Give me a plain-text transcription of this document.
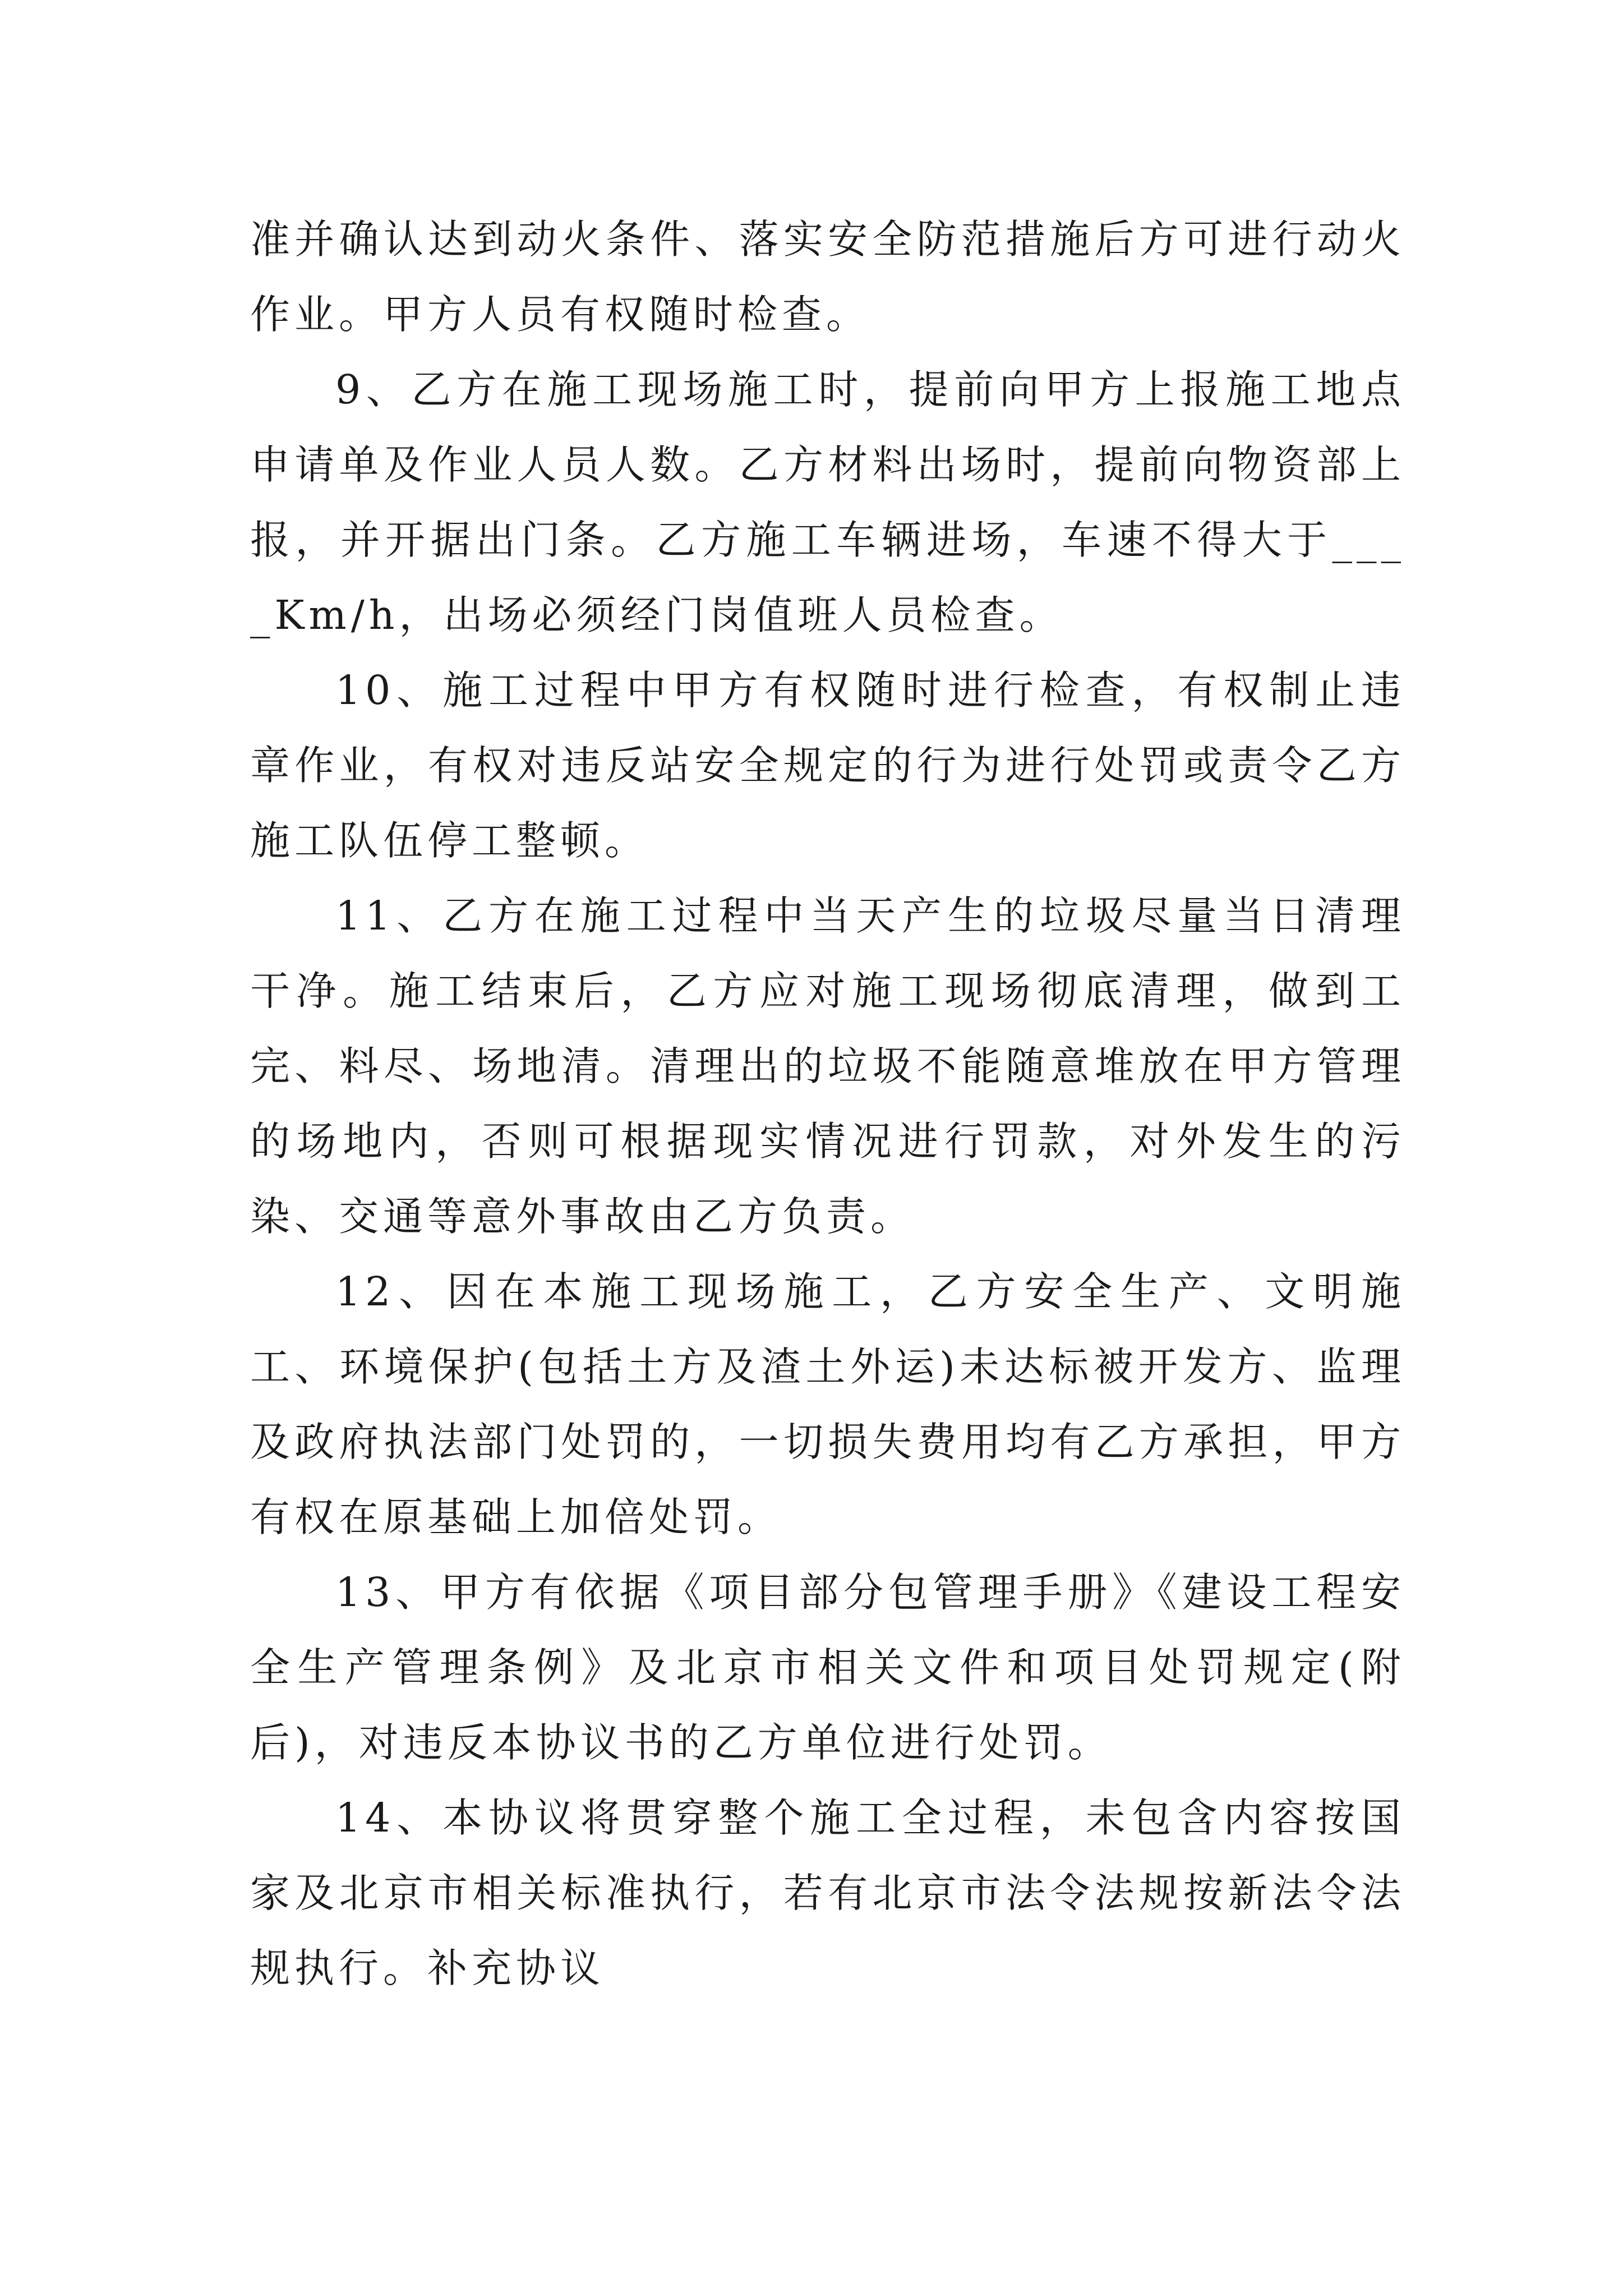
准并确认达到动火条件、落实安全防范措施后方可进行动火作业。甲方人员有权随时检查。

9、乙方在施工现场施工时，提前向甲方上报施工地点申请单及作业人员人数。乙方材料出场时，提前向物资部上报，并开据出门条。乙方施工车辆进场，车速不得大于____Km/h，出场必须经门岗值班人员检查。

10、施工过程中甲方有权随时进行检查，有权制止违章作业，有权对违反站安全规定的行为进行处罚或责令乙方施工队伍停工整顿。

11、乙方在施工过程中当天产生的垃圾尽量当日清理干净。施工结束后，乙方应对施工现场彻底清理，做到工完、料尽、场地清。清理出的垃圾不能随意堆放在甲方管理的场地内，否则可根据现实情况进行罚款，对外发生的污染、交通等意外事故由乙方负责。

12、因在本施工现场施工，乙方安全生产、文明施工、环境保护(包括土方及渣土外运)未达标被开发方、监理及政府执法部门处罚的，一切损失费用均有乙方承担，甲方有权在原基础上加倍处罚。

13、甲方有依据《项目部分包管理手册》《建设工程安全生产管理条例》及北京市相关文件和项目处罚规定(附后)，对违反本协议书的乙方单位进行处罚。

14、本协议将贯穿整个施工全过程，未包含内容按国家及北京市相关标准执行，若有北京市法令法规按新法令法规执行。补充协议
